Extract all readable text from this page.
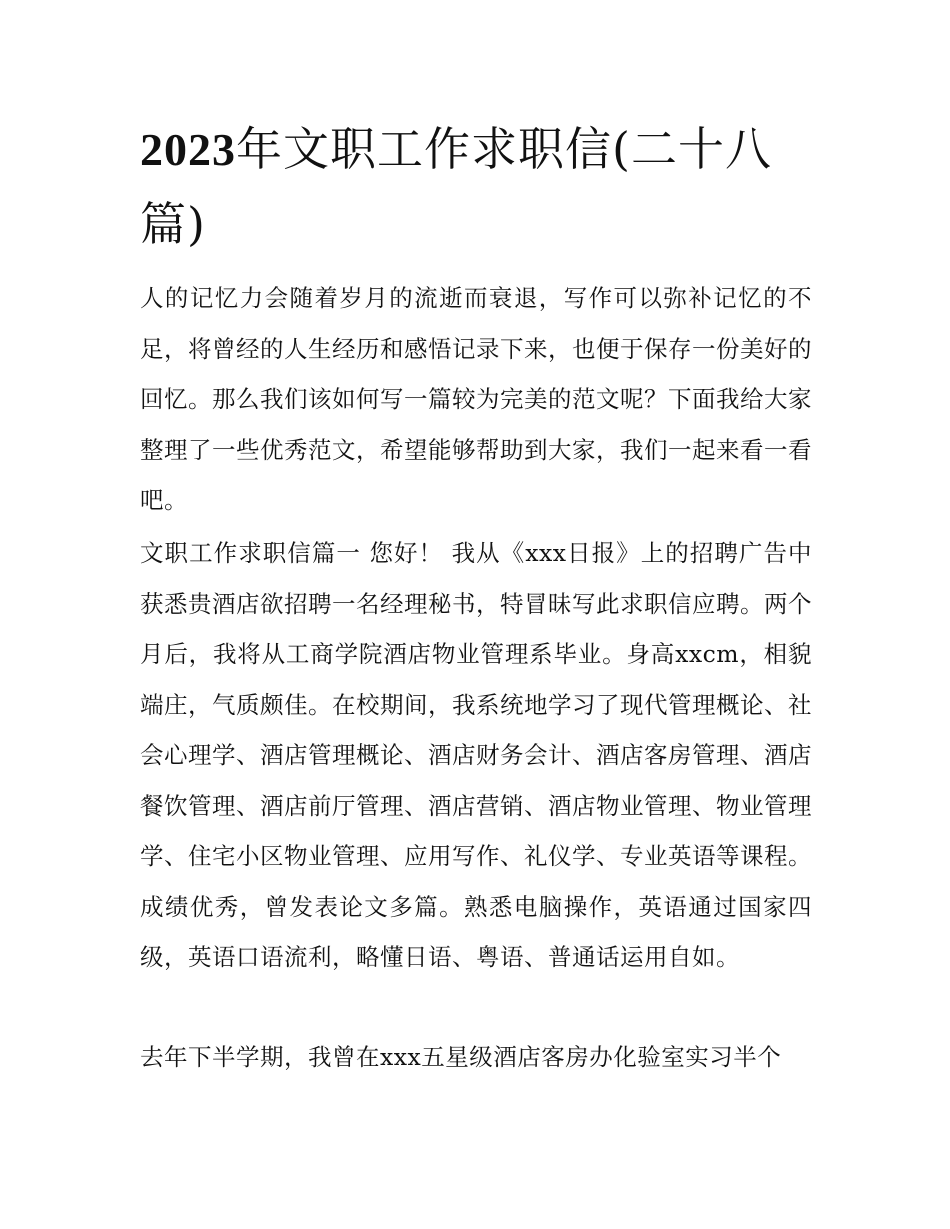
2023年文职工作求职信(二十八篇)

人的记忆力会随着岁月的流逝而衰退，写作可以弥补记忆的不足，将曾经的人生经历和感悟记录下来，也便于保存一份美好的回忆。那么我们该如何写一篇较为完美的范文呢？下面我给大家整理了一些优秀范文，希望能够帮助到大家，我们一起来看一看吧。

文职工作求职信篇一 您好！ 我从《xxx日报》上的招聘广告中获悉贵酒店欲招聘一名经理秘书，特冒昧写此求职信应聘。两个月后，我将从工商学院酒店物业管理系毕业。身高xxcm，相貌端庄，气质颇佳。在校期间，我系统地学习了现代管理概论、社会心理学、酒店管理概论、酒店财务会计、酒店客房管理、酒店餐饮管理、酒店前厅管理、酒店营销、酒店物业管理、物业管理学、住宅小区物业管理、应用写作、礼仪学、专业英语等课程。成绩优秀，曾发表论文多篇。熟悉电脑操作，英语通过国家四级，英语口语流利，略懂日语、粤语、普通话运用自如。

去年下半学期，我曾在xxx五星级酒店客房办化验室实习半个
